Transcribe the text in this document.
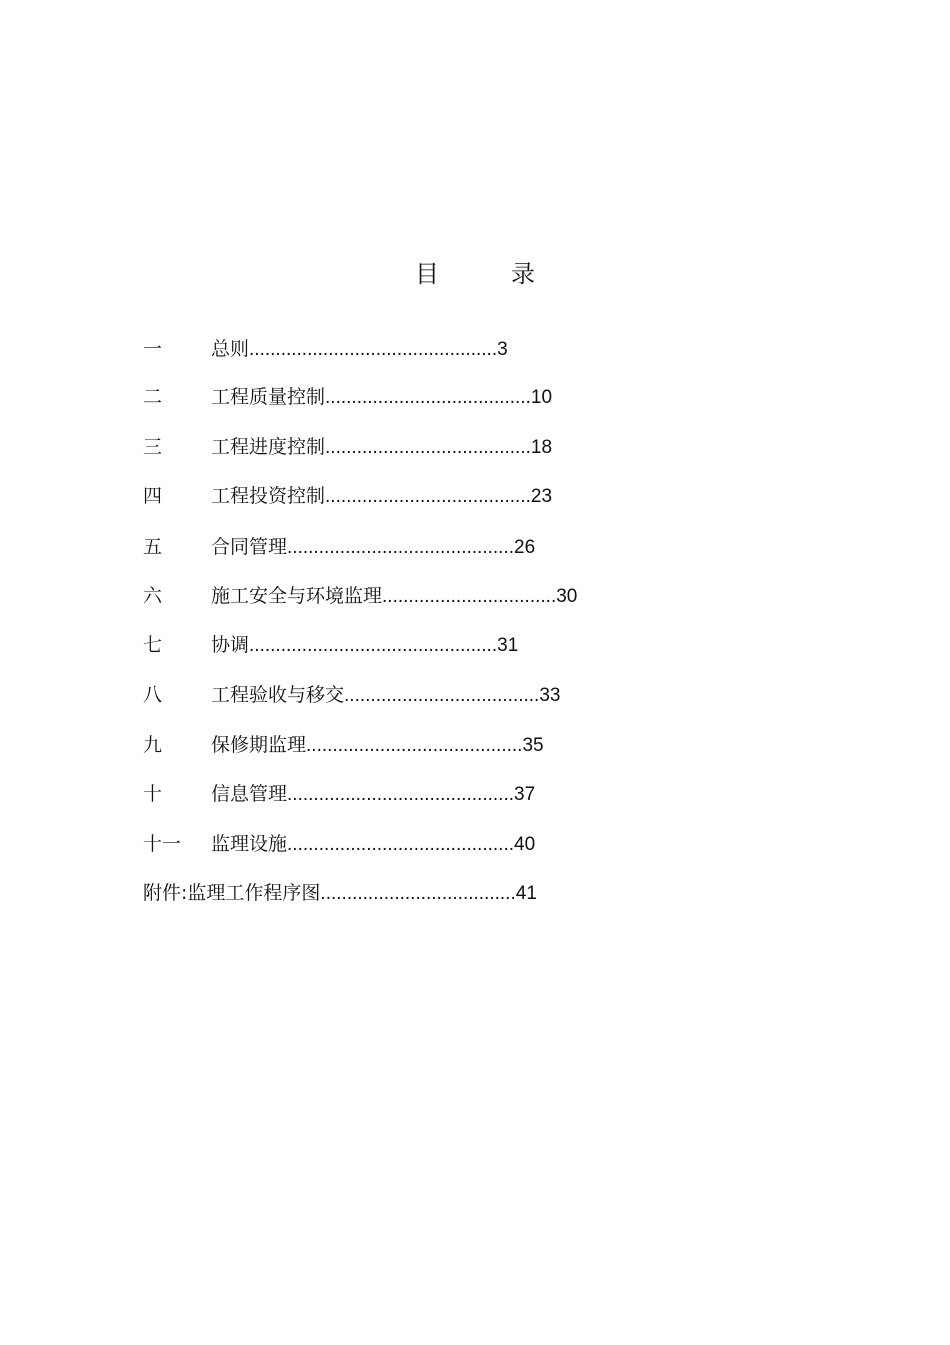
目	录
一	总则...............................................3
二	工程质量控制.......................................10
三	工程进度控制.......................................18
四	工程投资控制.......................................23
五	合同管理...........................................26
六	施工安全与环境监理.................................30
七	协调...............................................31
八	工程验收与移交.....................................33
九	保修期监理.........................................35
十	信息管理...........................................37
十一 监理设施...........................................40
附件:监理工作程序图.....................................41
